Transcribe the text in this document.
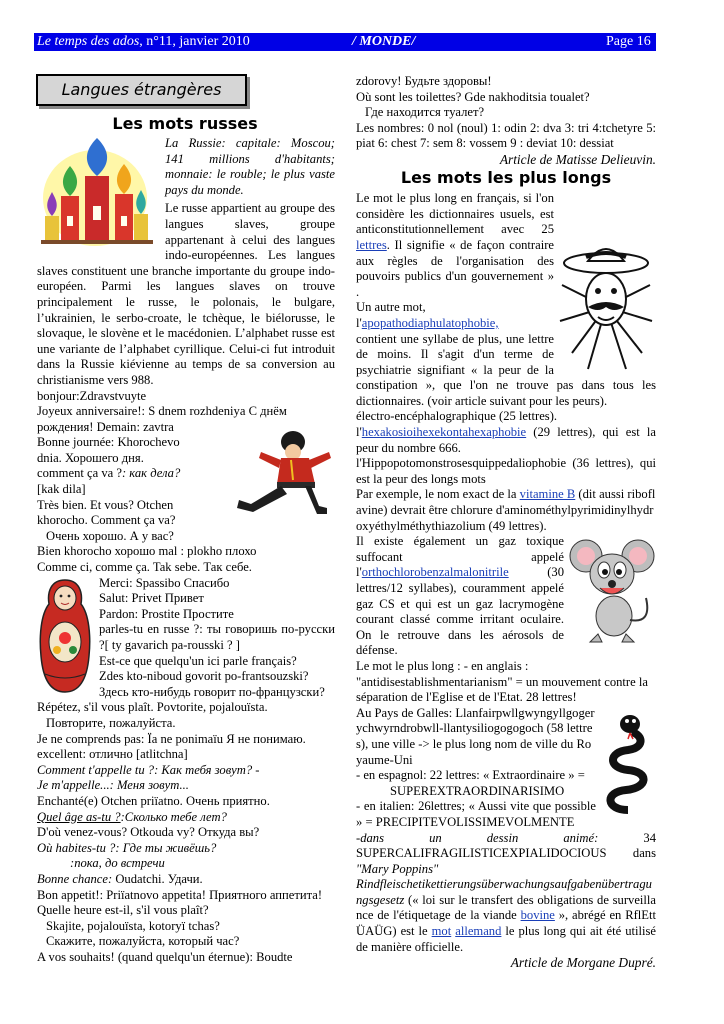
Le temps des ados, n°11, janvier 2010	/ MONDE/	Page 16
Langues étrangères
Les mots russes

La Russie: capitale: Moscou; 141 millions d'habitants; monnaie: le rouble; le plus vaste pays du monde.

Le russe appartient au groupe des langues slaves, groupe appartenant à celui des langues indo-européennes. Les langues slaves constituent une branche importante du groupe indo-européen. Parmi les langues slaves on trouve principalement le russe, le polonais, le bulgare, l’ukrainien, le serbo-croate, le tchèque, le biélorusse, le slovaque, le slovène et le macédonien. L’alphabet russe est une variante de l’alphabet cyrillique. Celui-ci fut introduit dans la Russie kiévienne au temps de sa conversion au christianisme vers 988.

bonjour:Zdravstvuyte

Joyeux anniversaire!: S dnem rozhdeniya С днём

рождения! Demain: zavtra

Bonne journée: Khorochevo

dnia. Хорошего дня.

comment ça va ?: как дела?

[kak dila]

Très bien. Et vous? Otchen

khorocho. Comment ça va?

Очень хорошо. А у вас?

Bien khorocho хорошо mal : plokho плохо

Comme ci, comme ça. Tak sebe. Так себе.

Merci: Spassibo Спасибо

Salut: Privet Привет

Pardon: Prostite Простите

parles-tu en russe ?: ты говоришь по-русски ?[ ty gavarich pa-rousski ? ]

Est-ce que quelqu'un ici parle français?

Zdes kto-niboud govorit po-frantsouzski?

Здесь кто-нибудь говорит по-французски?

Répétez, s'il vous plaît. Povtorite, pojalouïsta.

Повторите, пожалуйста.

Je ne comprends pas: Ïa ne ponimaïu Я не понимаю.

excellent: отлично [atlitchna]

Comment t'appelle tu ?: Как тебя зовут? -

Je m'appelle...: Меня зовут...

Enchanté(e) Otchen priïatno. Очень приятно.

Quel âge as-tu ?:Сколько тебе лет?

D'où venez-vous? Otkouda vy? Откуда вы?

Où habites-tu ?: Где ты живёшь?

:пока, до встречи

Bonne chance: Oudatchi. Удачи.

Bon appetit!: Priïatnovo appetita! Приятного аппетита!

Quelle heure est-il, s'il vous plaît?

Skajite, pojalouïsta, kotoryï tchas?

Скажите, пожалуйста, который час?

A vos souhaits! (quand quelqu'un éternue): Boudte

zdorovy! Будьте здоровы!

Où sont les toilettes? Gde nakhoditsia toualet?

Где находится туалет?

Les nombres: 0 nol (noul) 1: odin 2: dva 3: tri 4:tchetyre 5: piat 6: chest 7: sem 8: vossem 9 : deviat 10: dessiat

Article de Matisse Delieuvin.

Les mots les plus longs

Le mot le plus long en français, si l'on considère les dictionnaires usuels, est anticonstitutionnellement avec 25 lettres. Il signifie « de façon contraire aux règles de l'organisation des pouvoirs publics d'un gouvernement » .

Un autre mot,
l'apopathodiaphulatophobie,
contient une syllabe de plus, une lettre de moins. Il s'agit d'un terme de psychiatrie signifiant « la peur de la constipation », que l'on ne trouve pas dans tous les dictionnaires. (voir article suivant pour les peurs).

électro-encéphalographique (25 lettres).

l'hexakosioihexekontahexaphobie (29 lettres), qui est la peur du nombre 666.

l'Hippopotomonstrosesquippedaliophobie (36 lettres), qui est la peur des longs mots

Par exemple, le nom exact de la vitamine B (dit aussi riboflavine) devrait être chlorure d'aminométhylpyrimidinylhydroxyéthylméthythiazolium (49 lettres).

Il existe également un gaz toxique suffocant appelé l'orthochlorobenzalmalonitrile (30 lettres/12 syllabes), couramment appelé gaz CS et qui est un gaz lacrymogène courant classé comme irritant oculaire. On le retrouve dans les aérosols de défense.

Le mot le plus long : - en anglais : "antidisestablishmentarianism" = un mouvement contre la séparation de l'Eglise et de l'Etat. 28 lettres!

Au Pays de Galles: Llanfairpwllgwyngyllgogerychwyrndrobwll-llantysiliogogogoch (58 lettres), une ville -> le plus long nom de ville du Royaume-Uni

- en espagnol: 22 lettres: « Extraordinaire » =

SUPEREXTRAORDINARISIMO

- en italien: 26lettres; « Aussi vite que possible » = PRECIPITEVOLISSIMEVOLMENTE

-dans un dessin animé: 34 SUPERCALIFRAGILISTICEXPIALIDOCIOUS dans "Mary Poppins"

Rindfleischetikettierungsüberwachungsaufgabenübertragungsgesetz (« loi sur le transfert des obligations de surveillance de l'étiquetage de la viande bovine », abrégé en RflEttÜAÜG) est le mot allemand le plus long qui ait été utilisé de manière officielle.

Article de Morgane Dupré.
